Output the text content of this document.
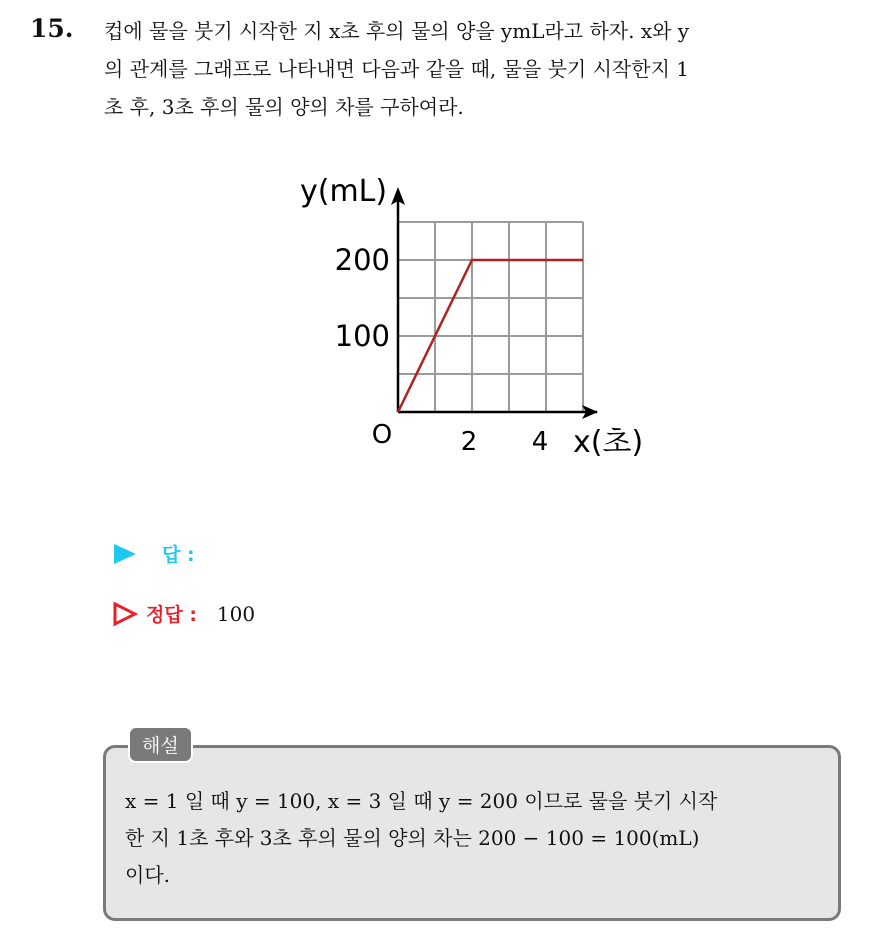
15. 컵에 물을 붓기 시작한 지 x초 후의 물의 양을 ymL라고 하자. x와 y

의 관계를 그래프로 나타내면 다음과 같을 때, 물을 붓기 시작한지 1

초 후, 3초 후의 물의 양의 차를 구하여라.

y(mL)
O
200
100
2 4 x(초)
답 :
정답 : 100
해설

x = 1 일 때 y = 100, x = 3 일 때 y = 200 이므로 물을 붓기 시작

한 지 1초 후와 3초 후의 물의 양의 차는 200 − 100 = 100(mL)

이다.
